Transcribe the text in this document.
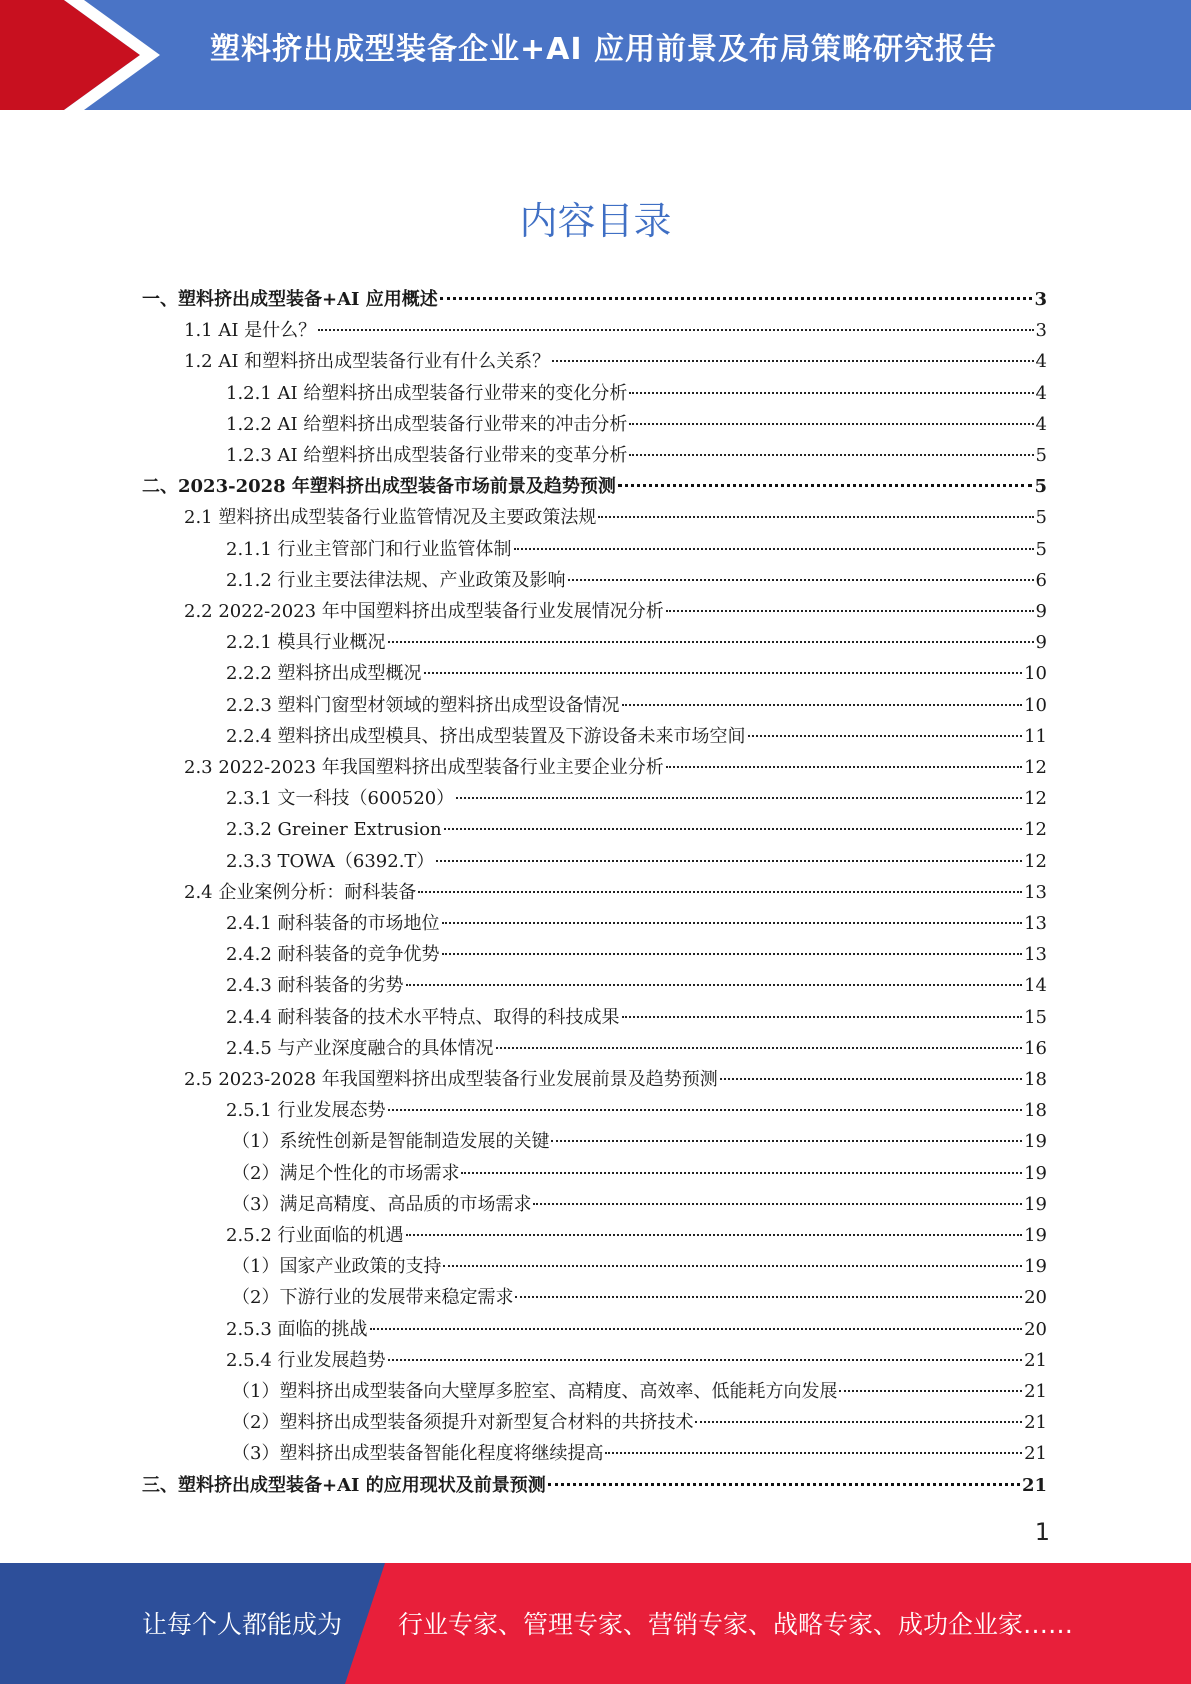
塑料挤出成型装备企业+AI 应用前景及布局策略研究报告
内容目录
一、塑料挤出成型装备+AI 应用概述	3
1.1 AI 是什么？	3
1.2 AI 和塑料挤出成型装备行业有什么关系？	4
1.2.1 AI 给塑料挤出成型装备行业带来的变化分析	4
1.2.2 AI 给塑料挤出成型装备行业带来的冲击分析	4
1.2.3 AI 给塑料挤出成型装备行业带来的变革分析	5
二、2023-2028 年塑料挤出成型装备市场前景及趋势预测	5
2.1 塑料挤出成型装备行业监管情况及主要政策法规	5
2.1.1 行业主管部门和行业监管体制	5
2.1.2 行业主要法律法规、产业政策及影响	6
2.2 2022-2023 年中国塑料挤出成型装备行业发展情况分析	9
2.2.1 模具行业概况	9
2.2.2 塑料挤出成型概况	10
2.2.3 塑料门窗型材领域的塑料挤出成型设备情况	10
2.2.4 塑料挤出成型模具、挤出成型装置及下游设备未来市场空间	11
2.3 2022-2023 年我国塑料挤出成型装备行业主要企业分析	12
2.3.1 文一科技（600520）	12
2.3.2 Greiner Extrusion	12
2.3.3 TOWA（6392.T）	12
2.4 企业案例分析：耐科装备	13
2.4.1 耐科装备的市场地位	13
2.4.2 耐科装备的竞争优势	13
2.4.3 耐科装备的劣势	14
2.4.4 耐科装备的技术水平特点、取得的科技成果	15
2.4.5 与产业深度融合的具体情况	16
2.5 2023-2028 年我国塑料挤出成型装备行业发展前景及趋势预测	18
2.5.1 行业发展态势	18
（1）系统性创新是智能制造发展的关键	19
（2）满足个性化的市场需求	19
（3）满足高精度、高品质的市场需求	19
2.5.2 行业面临的机遇	19
（1）国家产业政策的支持	19
（2）下游行业的发展带来稳定需求	20
2.5.3 面临的挑战	20
2.5.4 行业发展趋势	21
（1）塑料挤出成型装备向大壁厚多腔室、高精度、高效率、低能耗方向发展	21
（2）塑料挤出成型装备须提升对新型复合材料的共挤技术	21
（3）塑料挤出成型装备智能化程度将继续提高	21
三、塑料挤出成型装备+AI 的应用现状及前景预测	21
1
让每个人都能成为 行业专家、管理专家、营销专家、战略专家、成功企业家……
